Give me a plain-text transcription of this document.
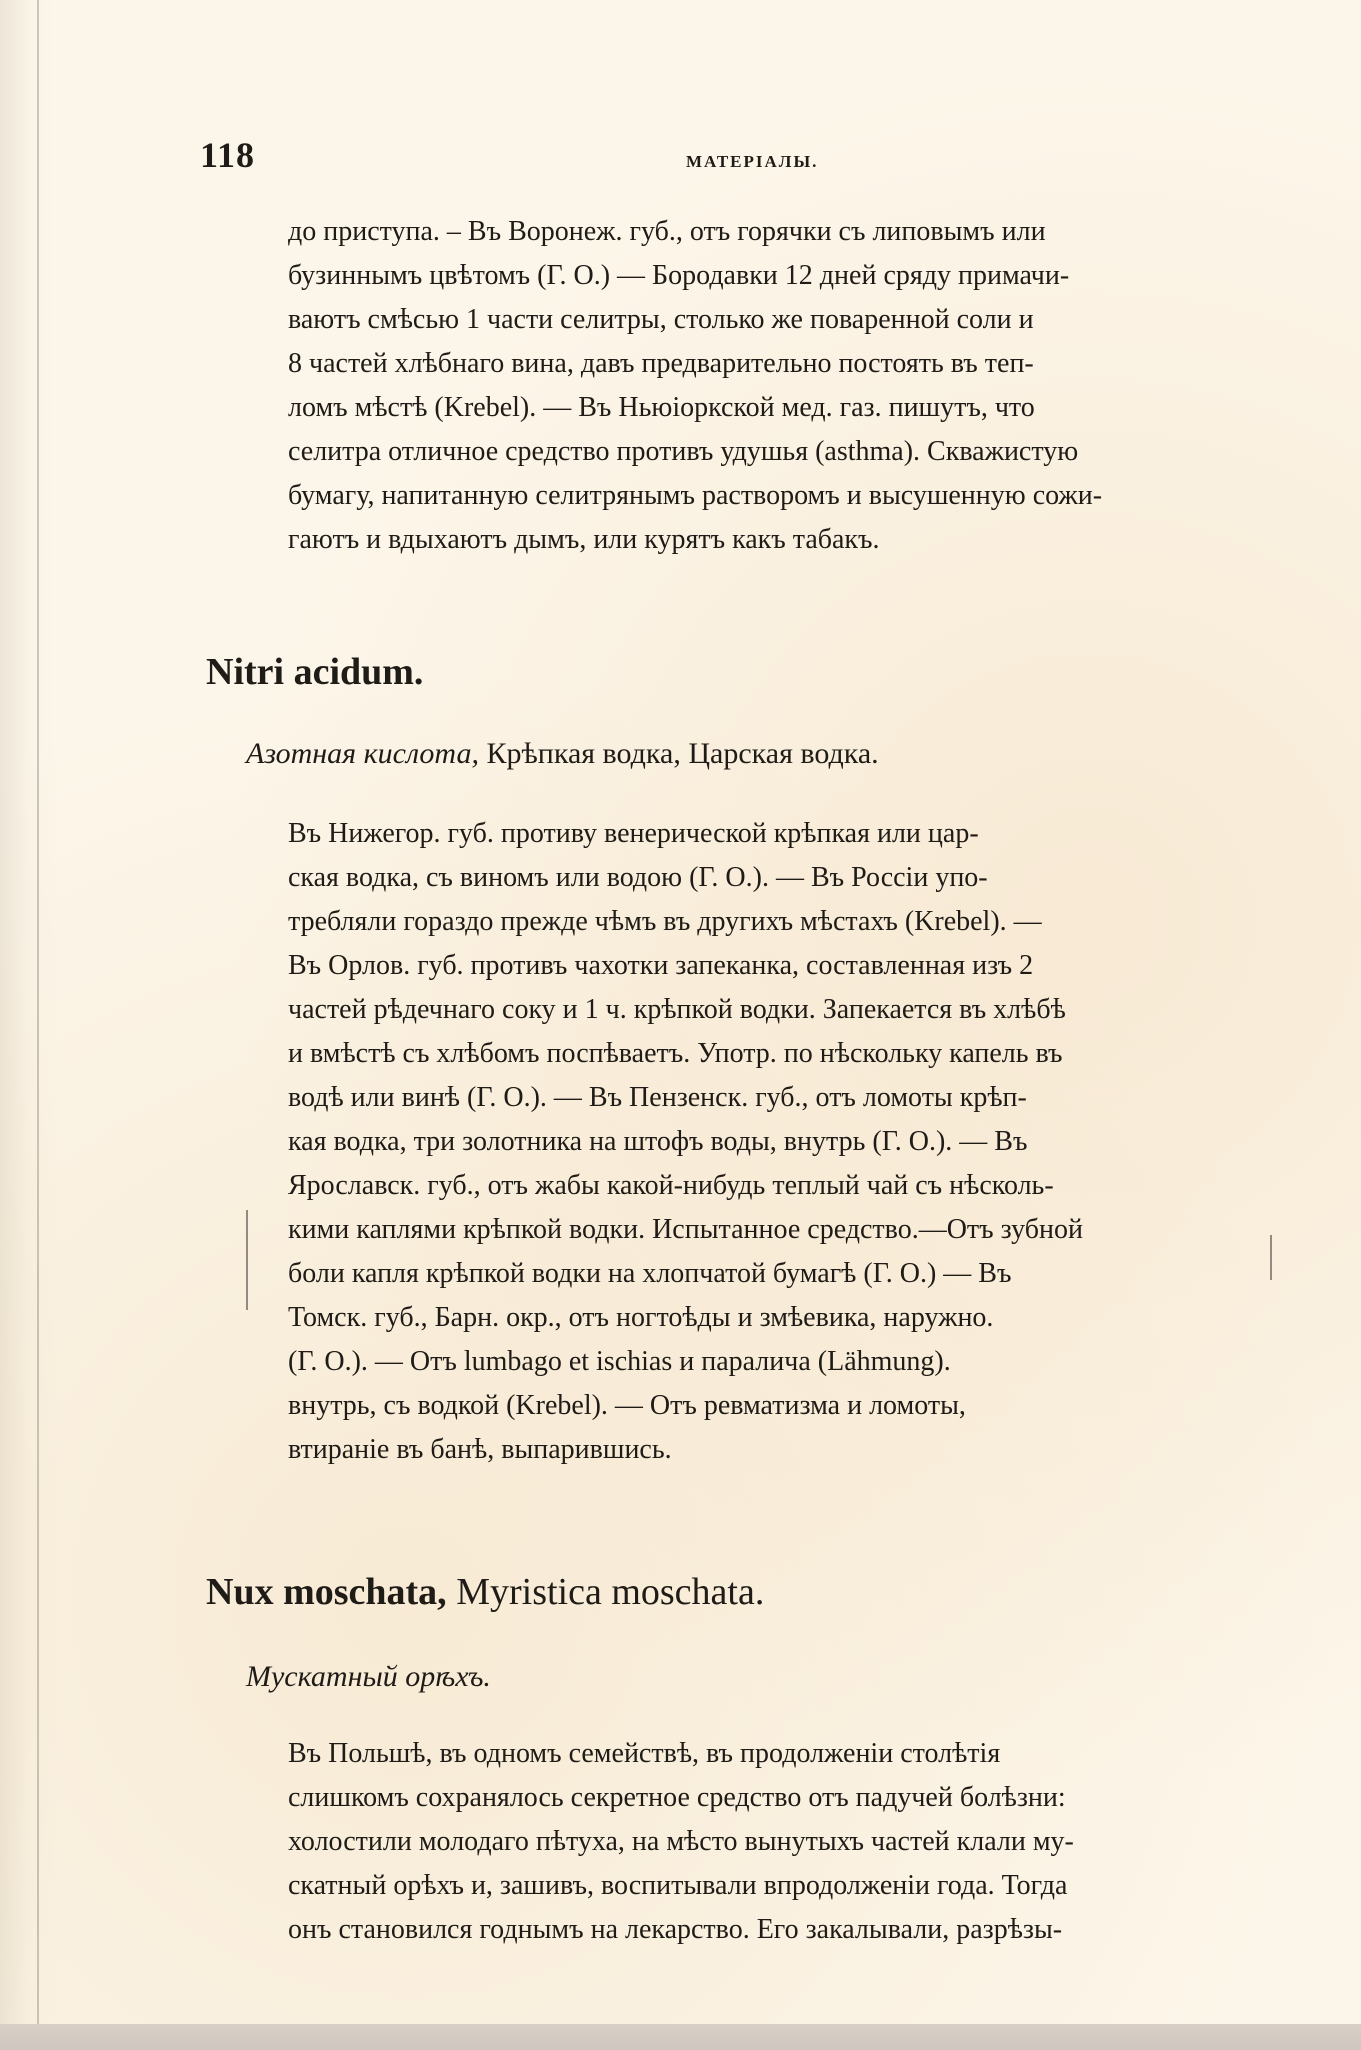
118	МАТЕРІАЛЫ.
до приступа. – Въ Воронеж. губ., отъ горячки съ липовымъ или
бузиннымъ цвѣтомъ (Г. О.) — Бородавки 12 дней сряду примачи-
ваютъ смѣсью 1 части селитры, столько же поваренной соли и
8 частей хлѣбнаго вина, давъ предварительно постоять въ теп-
ломъ мѣстѣ (Krebel). — Въ Ньюіоркской мед. газ. пишутъ, что
селитра отличное средство противъ удушья (asthma). Скважистую
бумагу, напитанную селитрянымъ растворомъ и высушенную сожи-
гаютъ и вдыхаютъ дымъ, или курятъ какъ табакъ.
Nitri acidum.
Азотная кислота, Крѣпкая водка, Царская водка.
Въ Нижегор. губ. противу венерической крѣпкая или цар-
ская водка, съ виномъ или водою (Г. О.). — Въ Россіи упо-
требляли гораздо прежде чѣмъ въ другихъ мѣстахъ (Krebel). —
Въ Орлов. губ. противъ чахотки запеканка, составленная изъ 2
частей рѣдечнаго соку и 1 ч. крѣпкой водки. Запекается въ хлѣбѣ
и вмѣстѣ съ хлѣбомъ поспѣваетъ. Употр. по нѣскольку капель въ
водѣ или винѣ (Г. О.). — Въ Пензенск. губ., отъ ломоты крѣп-
кая водка, три золотника на штофъ воды, внутрь (Г. О.). — Въ
Ярославск. губ., отъ жабы какой-нибудь теплый чай съ нѣсколь-
кими каплями крѣпкой водки. Испытанное средство.—Отъ зубной
боли капля крѣпкой водки на хлопчатой бумагѣ (Г. О.) — Въ
Томск. губ., Барн. окр., отъ ногтоѣды и змѣевика, наружно.
(Г. О.). — Отъ lumbago et ischias и паралича (Lähmung).
внутрь, съ водкой (Krebel). — Отъ ревматизма и ломоты,
втираніе въ банѣ, выпарившись.
Nux moschata, Myristica moschata.
Мускатный орѣхъ.
Въ Польшѣ, въ одномъ семействѣ, въ продолженіи столѣтія
слишкомъ сохранялось секретное средство отъ падучей болѣзни:
холостили молодаго пѣтуха, на мѣсто вынутыхъ частей клали му-
скатный орѣхъ и, зашивъ, воспитывали впродолженіи года. Тогда
онъ становился годнымъ на лекарство. Его закалывали, разрѣзы-
